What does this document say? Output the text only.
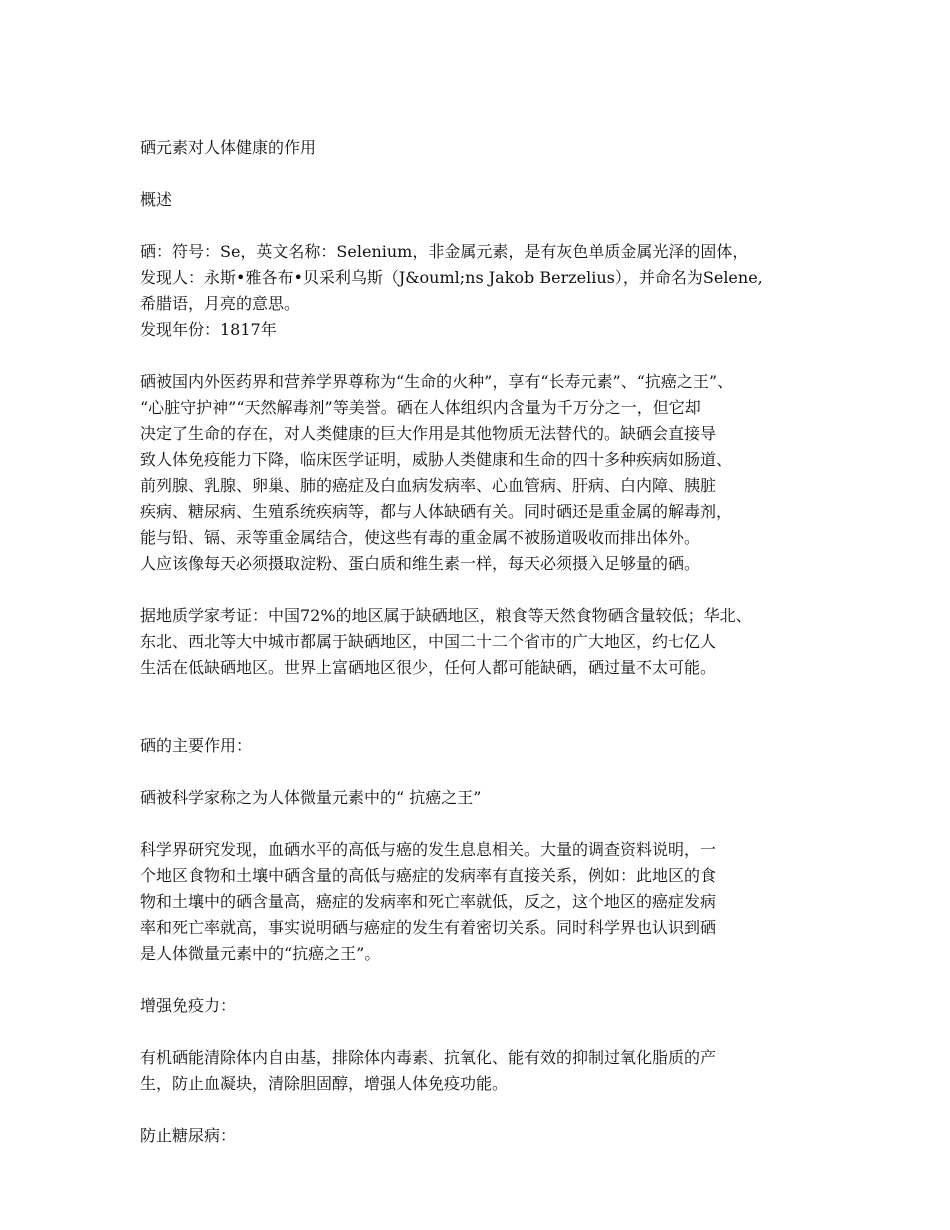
硒元素对人体健康的作用

概述

硒：符号：Se，英文名称：Selenium，非金属元素，是有灰色单质金属光泽的固体，

发现人：永斯•雅各布•贝采利乌斯（J&ouml;ns Jakob Berzelius），并命名为Selene,

希腊语，月亮的意思。

发现年份：1817年

硒被国内外医药界和营养学界尊称为“生命的火种”，享有“长寿元素”、“抗癌之王”、

“心脏守护神”“天然解毒剂”等美誉。硒在人体组织内含量为千万分之一，但它却

决定了生命的存在，对人类健康的巨大作用是其他物质无法替代的。缺硒会直接导

致人体免疫能力下降，临床医学证明，威胁人类健康和生命的四十多种疾病如肠道、

前列腺、乳腺、卵巢、肺的癌症及白血病发病率、心血管病、肝病、白内障、胰脏

疾病、糖尿病、生殖系统疾病等，都与人体缺硒有关。同时硒还是重金属的解毒剂，

能与铅、镉、汞等重金属结合，使这些有毒的重金属不被肠道吸收而排出体外。

人应该像每天必须摄取淀粉、蛋白质和维生素一样，每天必须摄入足够量的硒。

据地质学家考证：中国72%的地区属于缺硒地区，粮食等天然食物硒含量较低；华北、

东北、西北等大中城市都属于缺硒地区，中国二十二个省市的广大地区，约七亿人

生活在低缺硒地区。世界上富硒地区很少，任何人都可能缺硒，硒过量不太可能。

硒的主要作用：

硒被科学家称之为人体微量元素中的“ 抗癌之王”

科学界研究发现，血硒水平的高低与癌的发生息息相关。大量的调查资料说明，一

个地区食物和土壤中硒含量的高低与癌症的发病率有直接关系，例如：此地区的食

物和土壤中的硒含量高，癌症的发病率和死亡率就低，反之，这个地区的癌症发病

率和死亡率就高，事实说明硒与癌症的发生有着密切关系。同时科学界也认识到硒

是人体微量元素中的“抗癌之王”。

增强免疫力：

有机硒能清除体内自由基，排除体内毒素、抗氧化、能有效的抑制过氧化脂质的产

生，防止血凝块，清除胆固醇，增强人体免疫功能。

防止糖尿病：
